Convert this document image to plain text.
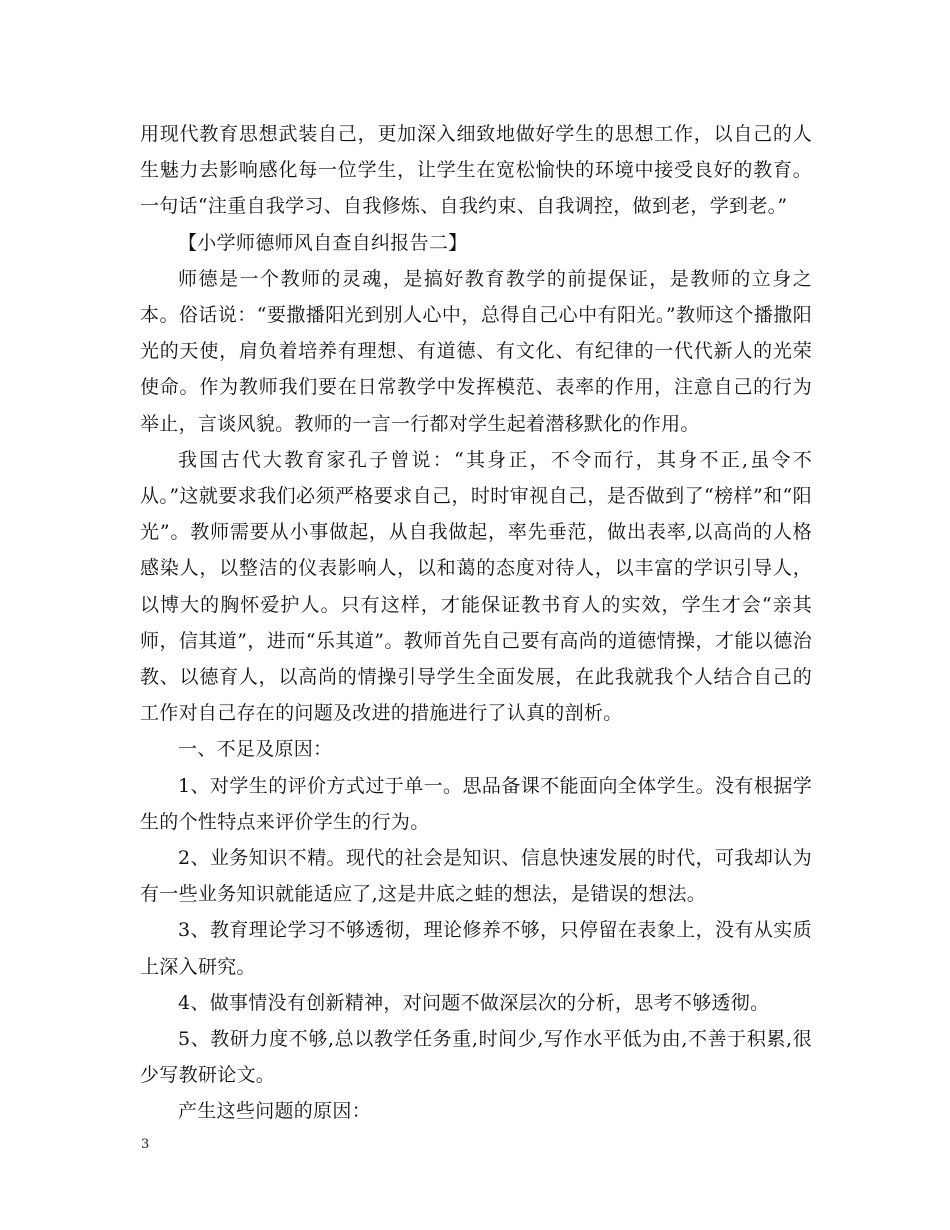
用现代教育思想武装自己，更加深入细致地做好学生的思想工作，以自己的人生魅力去影响感化每一位学生，让学生在宽松愉快的环境中接受良好的教育。一句话“注重自我学习、自我修炼、自我约束、自我调控，做到老，学到老。”

【小学师德师风自查自纠报告二】

师德是一个教师的灵魂，是搞好教育教学的前提保证，是教师的立身之本。俗话说：“要撒播阳光到别人心中，总得自己心中有阳光。”教师这个播撒阳光的天使，肩负着培养有理想、有道德、有文化、有纪律的一代代新人的光荣使命。作为教师我们要在日常教学中发挥模范、表率的作用，注意自己的行为举止，言谈风貌。教师的一言一行都对学生起着潜移默化的作用。

我国古代大教育家孔子曾说：“其身正，不令而行，其身不正,虽令不从。”这就要求我们必须严格要求自己，时时审视自己，是否做到了“榜样”和“阳光”。教师需要从小事做起，从自我做起，率先垂范，做出表率,以高尚的人格感染人，以整洁的仪表影响人，以和蔼的态度对待人，以丰富的学识引导人，以博大的胸怀爱护人。只有这样，才能保证教书育人的实效，学生才会“亲其师，信其道”，进而“乐其道”。教师首先自己要有高尚的道德情操，才能以德治教、以德育人，以高尚的情操引导学生全面发展，在此我就我个人结合自己的工作对自己存在的问题及改进的措施进行了认真的剖析。

一、不足及原因：

1、对学生的评价方式过于单一。思品备课不能面向全体学生。没有根据学生的个性特点来评价学生的行为。

2、业务知识不精。现代的社会是知识、信息快速发展的时代，可我却认为有一些业务知识就能适应了,这是井底之蛙的想法，是错误的想法。

3、教育理论学习不够透彻，理论修养不够，只停留在表象上，没有从实质上深入研究。

4、做事情没有创新精神，对问题不做深层次的分析，思考不够透彻。

5、教研力度不够,总以教学任务重,时间少,写作水平低为由,不善于积累,很少写教研论文。

产生这些问题的原因：

3
